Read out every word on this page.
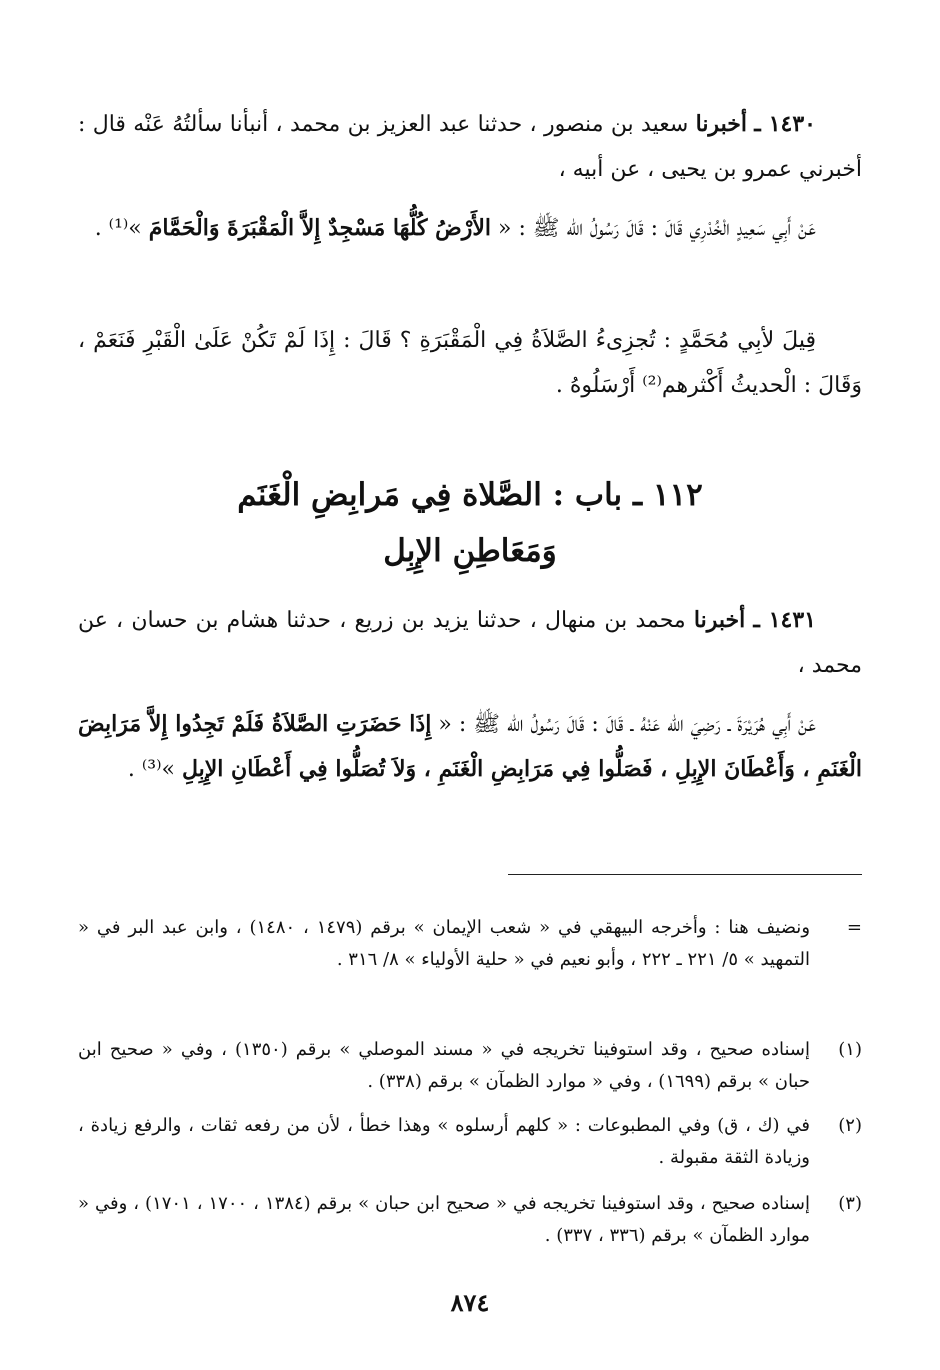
١٤٣٠ ـ أخبرنا سعيد بن منصور ، حدثنا عبد العزيز بن محمد ، أنبأنا سألتُهُ عَنْه قال : أخبرني عمرو بن يحيى ، عن أبيه ،
عَنْ أَبِي سَعِيدٍ الْخُدْرِي قَالَ : قَالَ رَسُولُ الله ﷺ : « الأَرْضُ كُلُّهَا مَسْجِدٌ إِلاَّ الْمَقْبَرَةَ وَالْحَمَّامَ »⁽¹⁾ .
قِيلَ لأبِي مُحَمَّدٍ : تُجزِىءُ الصَّلاَةُ فِي الْمَقْبَرَةِ ؟ قَالَ : إِذَا لَمْ تَكُنْ عَلَىٰ الْقَبْرِ فَنَعَمْ ، وَقَالَ : الْحديثُ أَكْثرهم⁽²⁾ أَرْسَلُوهُ .
١١٢ ـ باب : الصَّلاة فِي مَرابِضِ الْغَنَم
وَمَعَاطِنِ الإِبِل
١٤٣١ ـ أخبرنا محمد بن منهال ، حدثنا يزيد بن زريع ، حدثنا هشام بن حسان ، عن محمد ،
عَنْ أَبِي هُرَيْرَةَ ـ رَضِيَ الله عَنْهُ ـ قَالَ : قَالَ رَسُولُ الله ﷺ : « إِذَا حَضَرَتِ الصَّلاَةُ فَلَمْ تَجِدُوا إِلاَّ مَرَابِضَ الْغَنَمِ ، وَأَعْطَانَ الإِبِلِ ، فَصَلُّوا فِي مَرَابِضِ الْغَنَمِ ، وَلاَ تُصَلُّوا فِي أَعْطَانِ الإِبِلِ »⁽³⁾ .
=
ونضيف هنا : وأخرجه البيهقي في « شعب الإيمان » برقم (١٤٧٩ ، ١٤٨٠) ، وابن عبد البر في « التمهيد » ٥/ ٢٢١ ـ ٢٢٢ ، وأبو نعيم في « حلية الأولياء » ٨/ ٣١٦ .
(١)
إسناده صحيح ، وقد استوفينا تخريجه في « مسند الموصلي » برقم (١٣٥٠) ، وفي « صحيح ابن حبان » برقم (١٦٩٩) ، وفي « موارد الظمآن » برقم (٣٣٨) .
(٢)
في (ك ، ق) وفي المطبوعات : « كلهم أرسلوه » وهذا خطأ ، لأن من رفعه ثقات ، والرفع زيادة ، وزيادة الثقة مقبولة .
(٣)
إسناده صحيح ، وقد استوفينا تخريجه في « صحيح ابن حبان » برقم (١٣٨٤ ، ١٧٠٠ ، ١٧٠١) ، وفي « موارد الظمآن » برقم (٣٣٦ ، ٣٣٧) .
٨٧٤
